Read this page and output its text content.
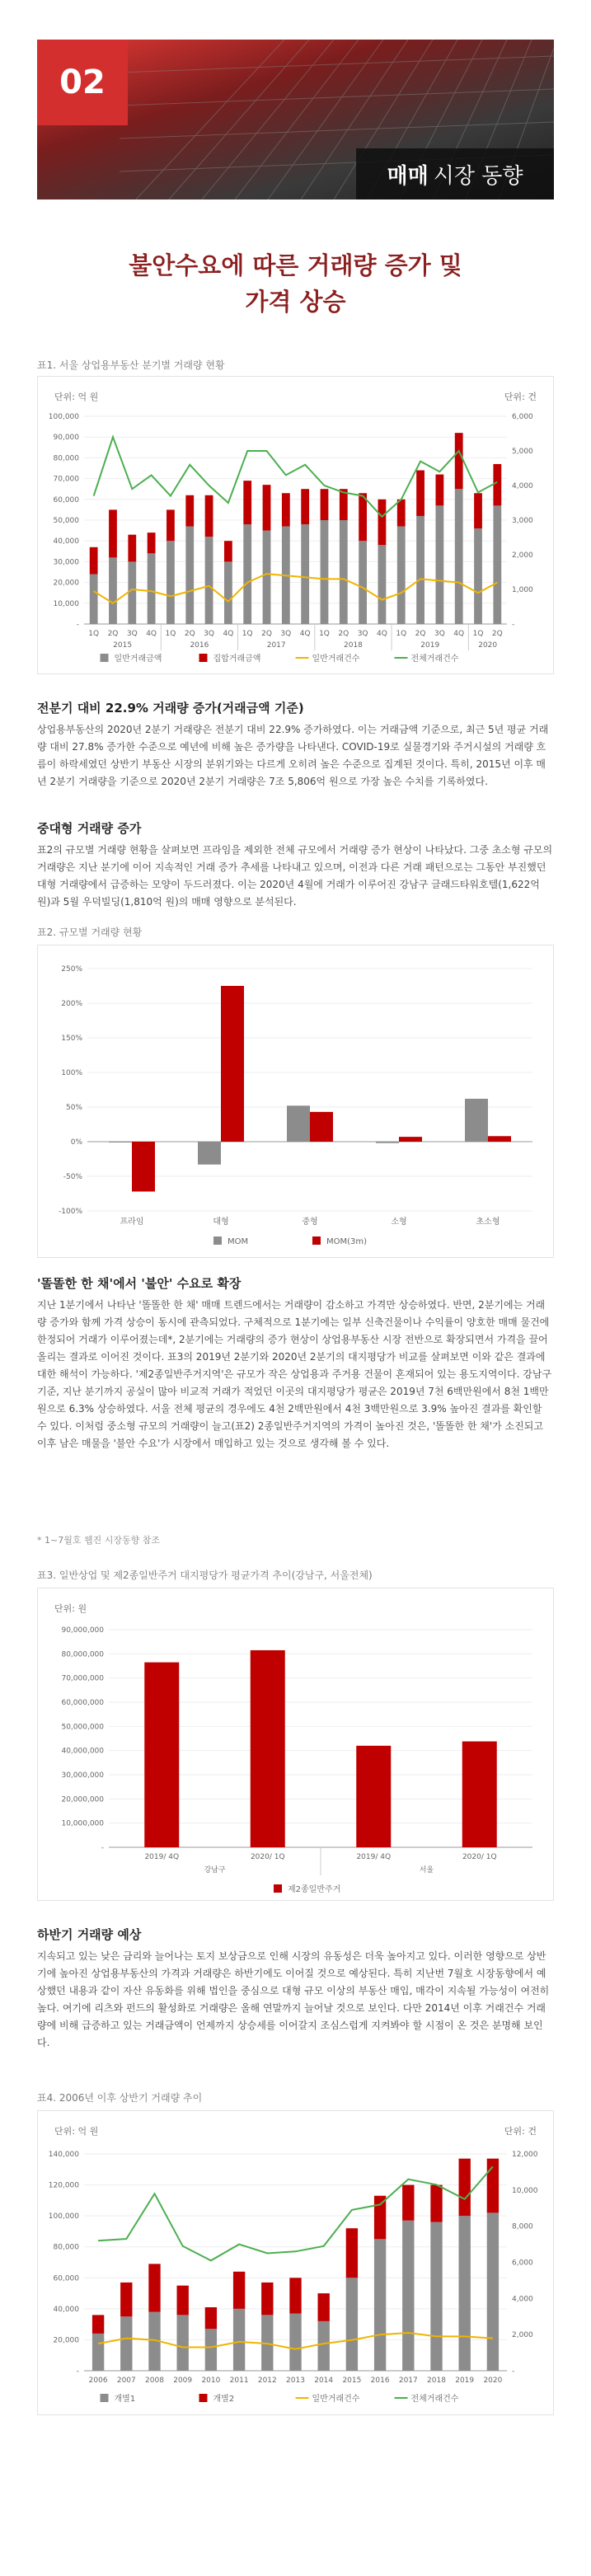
02
매매 시장 동향
불안수요에 따른 거래량 증가 및
가격 상승
표1. 서울 상업용부동산 분기별 거래량 현황
단위: 억 원	단위: 건
100,000
90,000
80,000
70,000
60,000
50,000
40,000
30,000
20,000
10,000
-
6,000
5,000
4,000
3,000
2,000
1,000
-
1Q 2Q 3Q 4Q 1Q 2Q 3Q 4Q 1Q 2Q 3Q 4Q 1Q 2Q 3Q 4Q 1Q 2Q 3Q 4Q 1Q 2Q
2015	2016	2017	2018	2019	2020
일반거래금액	집합거래금액	일반거래건수	전체거래건수
전분기 대비 22.9% 거래량 증가(거래금액 기준)

상업용부동산의 2020년 2분기 거래량은 전분기 대비 22.9% 증가하였다. 이는 거래금액 기준으로, 최근 5년 평균 거래량 대비 27.8% 증가한 수준으로 예년에 비해 높은 증가량을 나타낸다. COVID-19로 실물경기와 주거시설의 거래량 흐름이 하락세였던 상반기 부동산 시장의 분위기와는 다르게 오히려 높은 수준으로 집계된 것이다. 특히, 2015년 이후 매년 2분기 거래량을 기준으로 2020년 2분기 거래량은 7조 5,806억 원으로 가장 높은 수치를 기록하였다.

중대형 거래량 증가

표2의 규모별 거래량 현황을 살펴보면 프라임을 제외한 전체 규모에서 거래량 증가 현상이 나타났다. 그중 초소형 규모의 거래량은 지난 분기에 이어 지속적인 거래 증가 추세를 나타내고 있으며, 이전과 다른 거래 패턴으로는 그동안 부진했던 대형 거래량에서 급증하는 모양이 두드러졌다. 이는 2020년 4월에 거래가 이루어진 강남구 글래드타워호텔(1,622억 원)과 5월 우덕빌딩(1,810억 원)의 매매 영향으로 분석된다.

표2. 규모별 거래량 현황
250%
200%
150%
100%
50%
0%
-50%
-100%
프라임	대형	중형	소형	초소형
MOM	MOM(3m)
'똘똘한 한 채'에서 '불안' 수요로 확장

지난 1분기에서 나타난 '똘똘한 한 채' 매매 트렌드에서는 거래량이 감소하고 가격만 상승하였다. 반면, 2분기에는 거래량 증가와 함께 가격 상승이 동시에 관측되었다. 구체적으로 1분기에는 일부 신축건물이나 수익률이 양호한 매매 물건에 한정되어 거래가 이루어졌는데*, 2분기에는 거래량의 증가 현상이 상업용부동산 시장 전반으로 확장되면서 가격을 끌어올리는 결과로 이어진 것이다. 표3의 2019년 2분기와 2020년 2분기의 대지평당가 비교를 살펴보면 이와 같은 결과에 대한 해석이 가능하다. '제2종일반주거지역'은 규모가 작은 상업용과 주거용 건물이 혼재되어 있는 용도지역이다. 강남구 기준, 지난 분기까지 공실이 많아 비교적 거래가 적었던 이곳의 대지평당가 평균은 2019년 7천 6백만원에서 8천 1백만원으로 6.3% 상승하였다. 서울 전체 평균의 경우에도 4천 2백만원에서 4천 3백만원으로 3.9% 높아진 결과를 확인할 수 있다. 이처럼 중소형 규모의 거래량이 늘고(표2) 2종일반주거지역의 가격이 높아진 것은, '똘똘한 한 채'가 소진되고 이후 남은 매물을 '불안 수요'가 시장에서 매입하고 있는 것으로 생각해 볼 수 있다.

* 1~7월호 웹진 시장동향 참조
표3. 일반상업 및 제2종일반주거 대지평당가 평균가격 추이(강남구, 서울전체)
단위: 원
90,000,000
80,000,000
70,000,000
60,000,000
50,000,000
40,000,000
30,000,000
20,000,000
10,000,000
-
2019/ 4Q	2020/ 1Q	2019/ 4Q	2020/ 1Q
강남구	서울
제2종일반주거
하반기 거래량 예상

지속되고 있는 낮은 금리와 늘어나는 토지 보상금으로 인해 시장의 유동성은 더욱 높아지고 있다. 이러한 영향으로 상반기에 높아진 상업용부동산의 가격과 거래량은 하반기에도 이어질 것으로 예상된다. 특히 지난번 7월호 시장동향에서 예상했던 내용과 같이 자산 유동화를 위해 법인을 중심으로 대형 규모 이상의 부동산 매입, 매각이 지속될 가능성이 여전히 높다. 여기에 리츠와 펀드의 활성화로 거래량은 올해 연말까지 늘어날 것으로 보인다. 다만 2014년 이후 거래건수 거래량에 비해 급증하고 있는 거래금액이 언제까지 상승세를 이어갈지 조심스럽게 지켜봐야 할 시점이 온 것은 분명해 보인다.

표4. 2006년 이후 상반기 거래량 추이
단위: 억 원	단위: 건
140,000
120,000
100,000
80,000
60,000
40,000
20,000
-
12,000
10,000
8,000
6,000
4,000
2,000
-
2006 2007 2008 2009 2010 2011 2012 2013 2014 2015 2016 2017 2018 2019 2020
개별1	개별2	일반거래건수	전체거래건수
